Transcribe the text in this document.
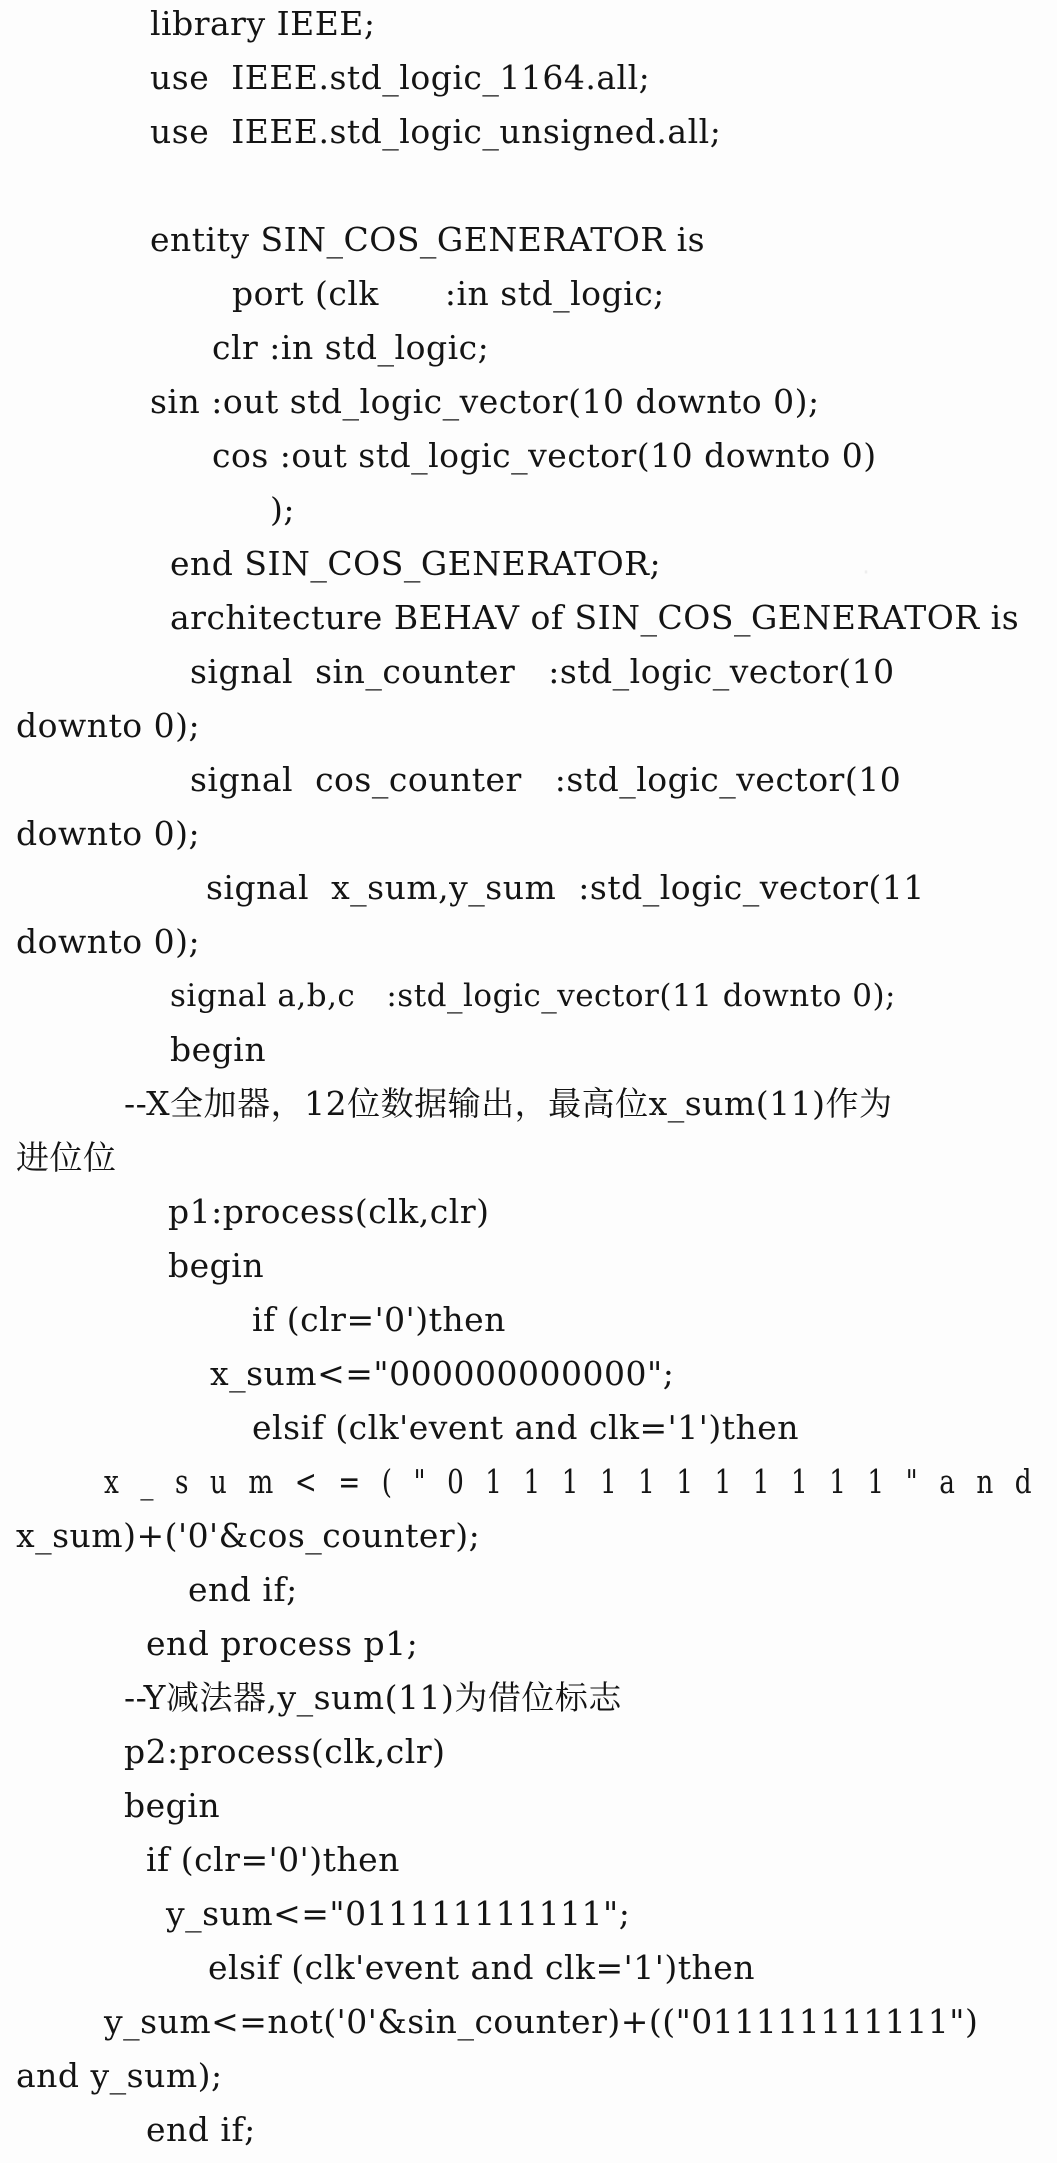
·
library IEEE;
use  IEEE.std_logic_1164.all;
use  IEEE.std_logic_unsigned.all;
entity SIN_COS_GENERATOR is
port (clk      :in std_logic;
clr :in std_logic;
sin :out std_logic_vector(10 downto 0);
cos :out std_logic_vector(10 downto 0)
);
end SIN_COS_GENERATOR;
architecture BEHAV of SIN_COS_GENERATOR is
signal  sin_counter   :std_logic_vector(10
downto 0);
signal  cos_counter   :std_logic_vector(10
downto 0);
signal  x_sum,y_sum  :std_logic_vector(11
downto 0);
signal a,b,c   :std_logic_vector(11 downto 0);
begin
--X全加器，12位数据输出，最高位x_sum(11)作为
进位位
p1:process(clk,clr)
begin
if (clr='0')then
x_sum<="000000000000";
elsif (clk'event and clk='1')then
x_sum<=("011111111111"and
x_sum)+('0'&cos_counter);
end if;
end process p1;
--Y减法器,y_sum(11)为借位标志
p2:process(clk,clr)
begin
if (clr='0')then
y_sum<="011111111111";
elsif (clk'event and clk='1')then
y_sum<=not('0'&sin_counter)+(("011111111111")
and y_sum);
end if;
